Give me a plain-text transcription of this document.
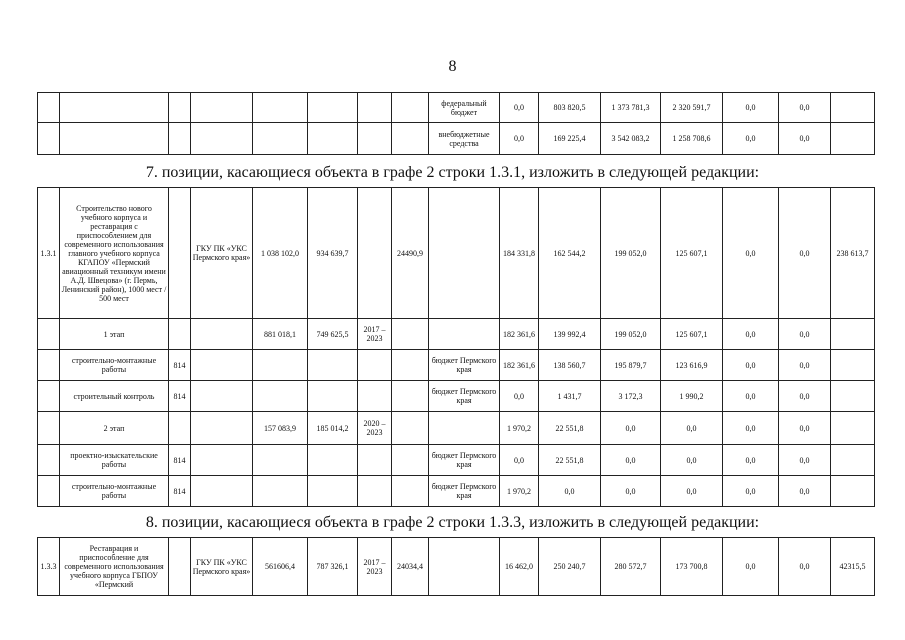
8
								федеральный бюджет	0,0	803 820,5	1 373 781,3	2 320 591,7	0,0	0,0	
								внебюджетные средства	0,0	169 225,4	3 542 083,2	1 258 708,6	0,0	0,0	
7. позиции, касающиеся объекта в графе 2 строки 1.3.1, изложить в следующей редакции:
1.3.1	Строительство нового учебного корпуса и реставрация с приспособлением для современного использования главного учебного корпуса КГАПОУ «Пермский авиационный техникум имени А.Д. Швецова» (г. Пермь, Ленинский район), 1000 мест / 500 мест		ГКУ ПК «УКС Пермского края»	1 038 102,0	934 639,7		24490,9		184 331,8	162 544,2	199 052,0	125 607,1	0,0	0,0	238 613,7
	1 этап			881 018,1	749 625,5	2017 – 2023			182 361,6	139 992,4	199 052,0	125 607,1	0,0	0,0	
	строительно-монтажные работы	814						бюджет Пермского края	182 361,6	138 560,7	195 879,7	123 616,9	0,0	0,0	
	строительный контроль	814						бюджет Пермского края	0,0	1 431,7	3 172,3	1 990,2	0,0	0,0	
	2 этап			157 083,9	185 014,2	2020 – 2023			1 970,2	22 551,8	0,0	0,0	0,0	0,0	
	проектно-изыскательские работы	814						бюджет Пермского края	0,0	22 551,8	0,0	0,0	0,0	0,0	
	строительно-монтажные работы	814						бюджет Пермского края	1 970,2	0,0	0,0	0,0	0,0	0,0	
8. позиции, касающиеся объекта в графе 2 строки 1.3.3, изложить в следующей редакции:
1.3.3	Реставрация и приспособление для современного использования учебного корпуса ГБПОУ «Пермский		ГКУ ПК «УКС Пермского края»	561606,4	787 326,1	2017 – 2023	24034,4		16 462,0	250 240,7	280 572,7	173 700,8	0,0	0,0	42315,5
